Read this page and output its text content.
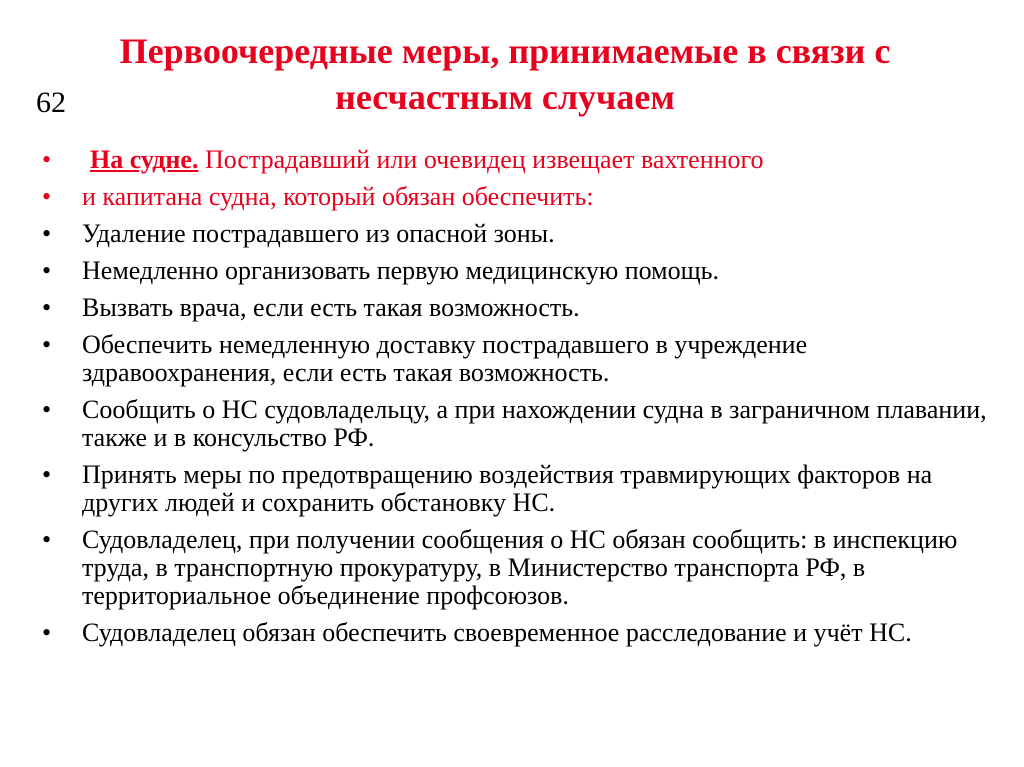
62
Первоочередные меры, принимаемые в связи с несчастным случаем
• На судне. Пострадавший или очевидец извещает вахтенного
• и капитана судна, который обязан обеспечить:
• Удаление пострадавшего из опасной зоны.
• Немедленно организовать первую медицинскую помощь.
• Вызвать врача, если есть такая возможность.
• Обеспечить немедленную доставку пострадавшего в учреждение здравоохранения, если есть такая возможность.
• Сообщить о НС судовладельцу, а при нахождении судна в заграничном плавании, также и в консульство РФ.
• Принять меры по предотвращению воздействия травмирующих факторов на других людей и сохранить обстановку НС.
• Судовладелец, при получении сообщения о НС обязан сообщить: в инспекцию труда, в транспортную прокуратуру, в Министерство транспорта РФ, в территориальное объединение профсоюзов.
• Судовладелец обязан обеспечить своевременное расследование и учёт НС.
